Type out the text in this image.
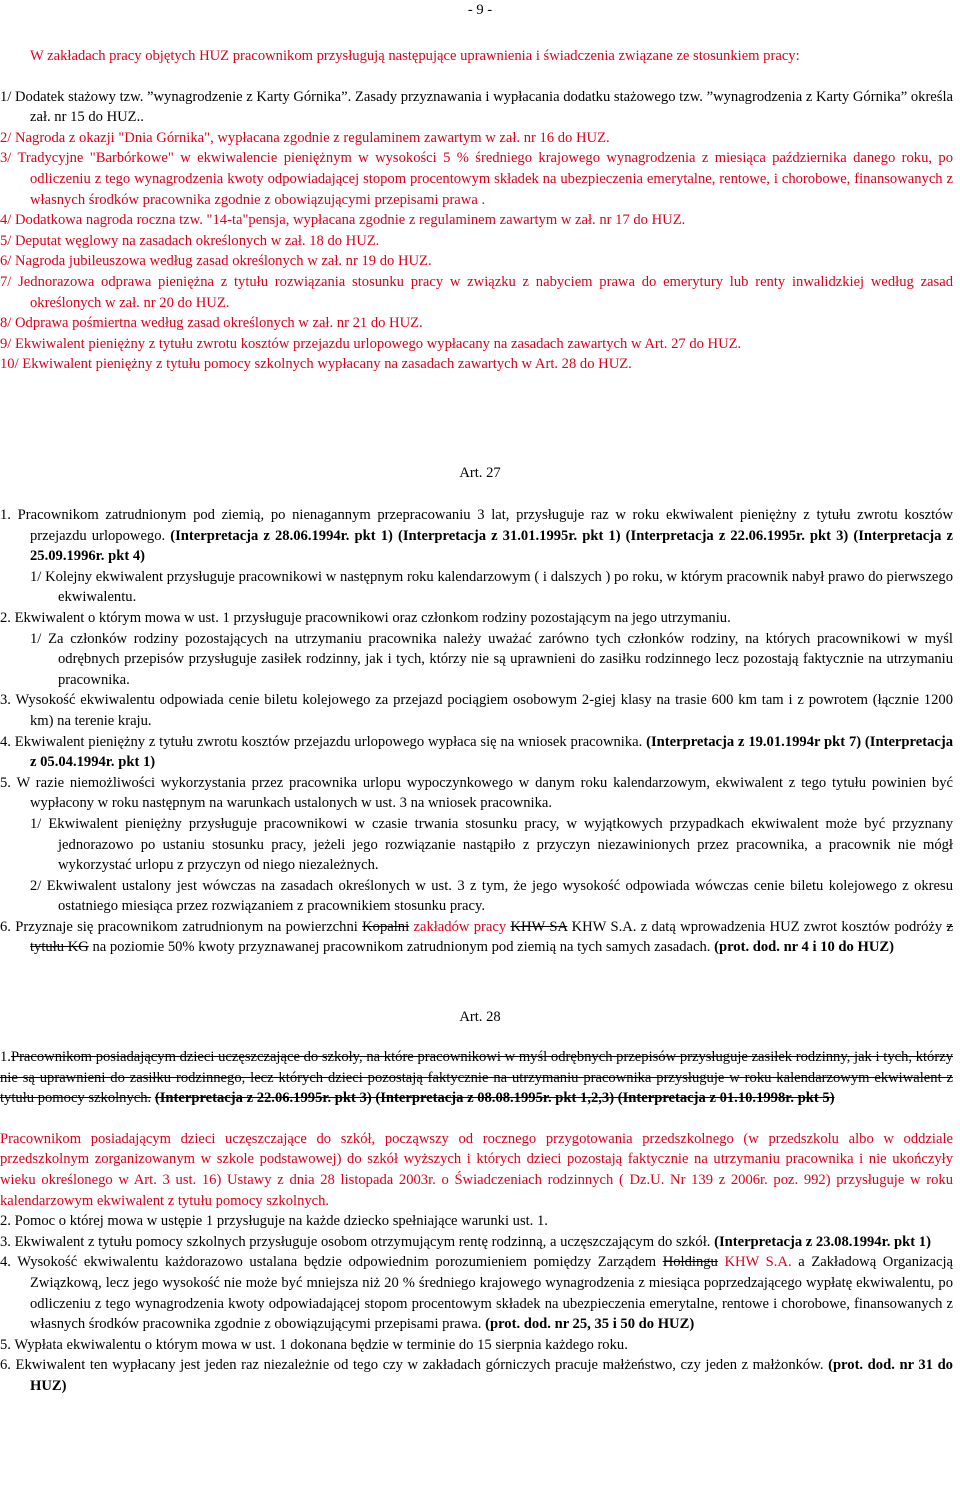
- 9 -

W zakładach pracy objętych HUZ pracownikom przysługują następujące uprawnienia i świadczenia związane ze stosunkiem pracy:

1/ Dodatek stażowy tzw. ”wynagrodzenie z Karty Górnika”. Zasady przyznawania i wypłacania dodatku stażowego tzw. ”wynagrodzenia z Karty Górnika” określa zał. nr 15 do HUZ..

2/ Nagroda z okazji "Dnia Górnika", wypłacana zgodnie z regulaminem zawartym w zał. nr 16 do HUZ.

3/ Tradycyjne "Barbórkowe" w ekwiwalencie pieniężnym w wysokości 5 % średniego krajowego wynagrodzenia z miesiąca października danego roku, po odliczeniu z tego wynagrodzenia kwoty odpowiadającej stopom procentowym składek na ubezpieczenia emerytalne, rentowe, i chorobowe, finansowanych z własnych środków pracownika zgodnie z obowiązującymi przepisami prawa .

4/ Dodatkowa nagroda roczna tzw. "14-ta"pensja, wypłacana zgodnie z regulaminem zawartym w zał. nr 17 do HUZ.

5/ Deputat węglowy na zasadach określonych w zał. 18 do HUZ.

6/ Nagroda jubileuszowa według zasad określonych w zał. nr 19 do HUZ.

7/ Jednorazowa odprawa pieniężna z tytułu rozwiązania stosunku pracy w związku z nabyciem prawa do emerytury lub renty inwalidzkiej według zasad określonych w zał. nr 20 do HUZ.

8/ Odprawa pośmiertna według zasad określonych w zał. nr 21 do HUZ.

9/ Ekwiwalent pieniężny z tytułu zwrotu kosztów przejazdu urlopowego wypłacany na zasadach zawartych w Art. 27 do HUZ.

10/ Ekwiwalent pieniężny z tytułu pomocy szkolnych wypłacany na zasadach zawartych w Art. 28 do HUZ.

Art. 27

1. Pracownikom zatrudnionym pod ziemią, po nienagannym przepracowaniu 3 lat, przysługuje raz w roku ekwiwalent pieniężny z tytułu zwrotu kosztów przejazdu urlopowego. (Interpretacja z 28.06.1994r. pkt 1) (Interpretacja z 31.01.1995r. pkt 1) (Interpretacja z 22.06.1995r. pkt 3) (Interpretacja z 25.09.1996r. pkt 4)

1/ Kolejny ekwiwalent przysługuje pracownikowi w następnym roku kalendarzowym ( i dalszych ) po roku, w którym pracownik nabył prawo do pierwszego ekwiwalentu.

2. Ekwiwalent o którym mowa w ust. 1 przysługuje pracownikowi oraz członkom rodziny pozostającym na jego utrzymaniu.

1/ Za członków rodziny pozostających na utrzymaniu pracownika należy uważać zarówno tych członków rodziny, na których pracownikowi w myśl odrębnych przepisów przysługuje zasiłek rodzinny, jak i tych, którzy nie są uprawnieni do zasiłku rodzinnego lecz pozostają faktycznie na utrzymaniu pracownika.

3. Wysokość ekwiwalentu odpowiada cenie biletu kolejowego za przejazd pociągiem osobowym 2-giej klasy na trasie 600 km tam i z powrotem (łącznie 1200 km) na terenie kraju.

4. Ekwiwalent pieniężny z tytułu zwrotu kosztów przejazdu urlopowego wypłaca się na wniosek pracownika. (Interpretacja z 19.01.1994r pkt 7) (Interpretacja z 05.04.1994r. pkt 1)

5. W razie niemożliwości wykorzystania przez pracownika urlopu wypoczynkowego w danym roku kalendarzowym, ekwiwalent z tego tytułu powinien być wypłacony w roku następnym na warunkach ustalonych w ust. 3 na wniosek pracownika.

1/ Ekwiwalent pieniężny przysługuje pracownikowi w czasie trwania stosunku pracy, w wyjątkowych przypadkach ekwiwalent może być przyznany jednorazowo po ustaniu stosunku pracy, jeżeli jego rozwiązanie nastąpiło z przyczyn niezawinionych przez pracownika, a pracownik nie mógł wykorzystać urlopu z przyczyn od niego niezależnych.

2/ Ekwiwalent ustalony jest wówczas na zasadach określonych w ust. 3 z tym, że jego wysokość odpowiada wówczas cenie biletu kolejowego z okresu ostatniego miesiąca przez rozwiązaniem z pracownikiem stosunku pracy.

6. Przyznaje się pracownikom zatrudnionym na powierzchni Kopalni zakładów pracy KHW SA KHW S.A. z datą wprowadzenia HUZ zwrot kosztów podróży z tytułu KG na poziomie 50% kwoty przyznawanej pracownikom zatrudnionym pod ziemią na tych samych zasadach. (prot. dod. nr 4 i 10 do HUZ)

Art. 28

1.Pracownikom posiadającym dzieci uczęszczające do szkoły, na które pracownikowi w myśl odrębnych przepisów przysługuje zasiłek rodzinny, jak i tych, którzy nie są uprawnieni do zasiłku rodzinnego, lecz których dzieci pozostają faktycznie na utrzymaniu pracownika przysługuje w roku kalendarzowym ekwiwalent z tytułu pomocy szkolnych. (Interpretacja z 22.06.1995r. pkt 3) (Interpretacja z 08.08.1995r. pkt 1,2,3) (Interpretacja z 01.10.1998r. pkt 5)

Pracownikom posiadającym dzieci uczęszczające do szkół, począwszy od rocznego przygotowania przedszkolnego (w przedszkolu albo w oddziale przedszkolnym zorganizowanym w szkole podstawowej) do szkół wyższych i których dzieci pozostają faktycznie na utrzymaniu pracownika i nie ukończyły wieku określonego w Art. 3 ust. 16) Ustawy z dnia 28 listopada 2003r. o Świadczeniach rodzinnych ( Dz.U. Nr 139 z 2006r. poz. 992) przysługuje w roku kalendarzowym ekwiwalent z tytułu pomocy szkolnych.

2. Pomoc o której mowa w ustępie 1 przysługuje na każde dziecko spełniające warunki ust. 1.

3. Ekwiwalent z tytułu pomocy szkolnych przysługuje osobom otrzymującym rentę rodzinną, a uczęszczającym do szkół. (Interpretacja z 23.08.1994r. pkt 1)

4. Wysokość ekwiwalentu każdorazowo ustalana będzie odpowiednim porozumieniem pomiędzy Zarządem Holdingu KHW S.A. a Zakładową Organizacją Związkową, lecz jego wysokość nie może być mniejsza niż 20 % średniego krajowego wynagrodzenia z miesiąca poprzedzającego wypłatę ekwiwalentu, po odliczeniu z tego wynagrodzenia kwoty odpowiadającej stopom procentowym składek na ubezpieczenia emerytalne, rentowe i chorobowe, finansowanych z własnych środków pracownika zgodnie z obowiązującymi przepisami prawa. (prot. dod. nr 25, 35 i 50 do HUZ)

5. Wypłata ekwiwalentu o którym mowa w ust. 1 dokonana będzie w terminie do 15 sierpnia każdego roku.

6. Ekwiwalent ten wypłacany jest jeden raz niezależnie od tego czy w zakładach górniczych pracuje małżeństwo, czy jeden z małżonków. (prot. dod. nr 31 do HUZ)
